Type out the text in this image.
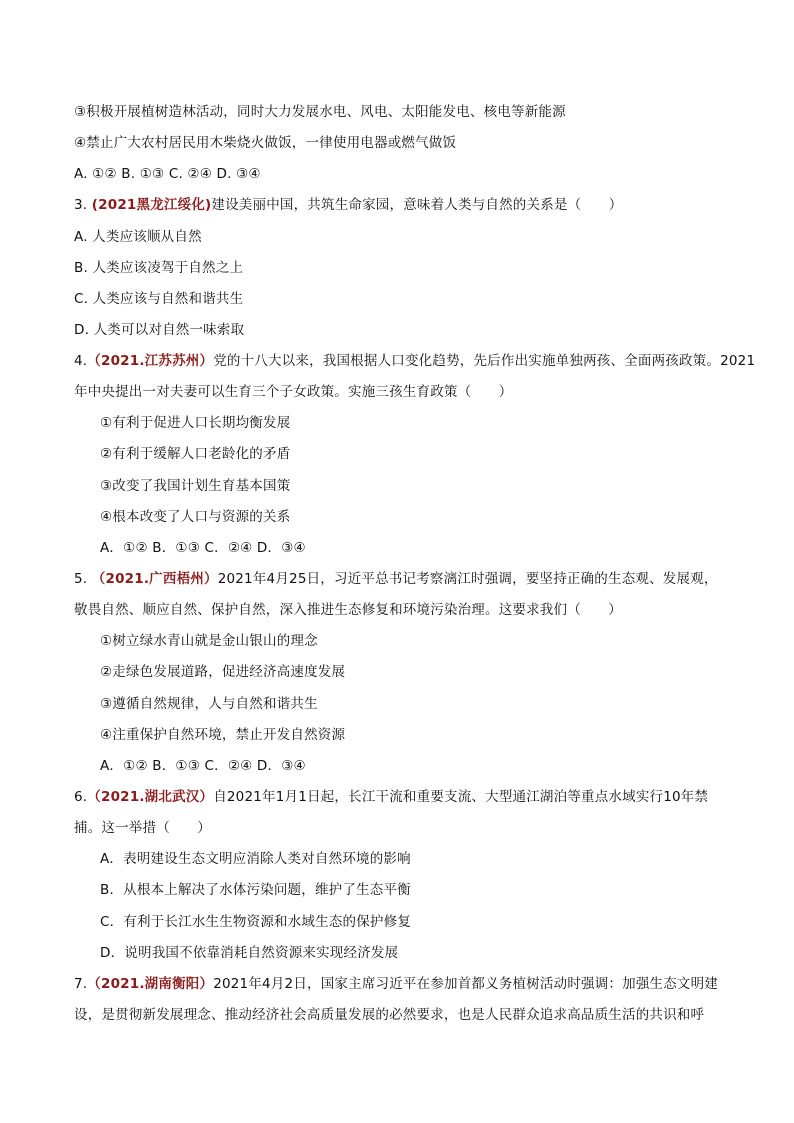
③积极开展植树造林活动，同时大力发展水电、风电、太阳能发电、核电等新能源
④禁止广大农村居民用木柴烧火做饭，一律使用电器或燃气做饭
A. ①② B. ①③ C. ②④ D. ③④
3. (2021黑龙江绥化)建设美丽中国，共筑生命家园，意味着人类与自然的关系是（　　）
A. 人类应该顺从自然
B. 人类应该凌驾于自然之上
C. 人类应该与自然和谐共生
D. 人类可以对自然一味索取
4.（2021.江苏苏州）党的十八大以来，我国根据人口变化趋势，先后作出实施单独两孩、全面两孩政策。2021
年中央提出一对夫妻可以生育三个子女政策。实施三孩生育政策（　　）
①有利于促进人口长期均衡发展
②有利于缓解人口老龄化的矛盾
③改变了我国计划生育基本国策
④根本改变了人口与资源的关系
A．①② B．①③ C．②④ D．③④
5. （2021.广西梧州）2021年4月25日，习近平总书记考察漓江时强调，要坚持正确的生态观、发展观，
敬畏自然、顺应自然、保护自然，深入推进生态修复和环境污染治理。这要求我们（　　）
①树立绿水青山就是金山银山的理念
②走绿色发展道路，促进经济高速度发展
③遵循自然规律，人与自然和谐共生
④注重保护自然环境，禁止开发自然资源
A．①② B．①③ C．②④ D．③④
6.（2021.湖北武汉）自2021年1月1日起，长江干流和重要支流、大型通江湖泊等重点水域实行10年禁
捕。这一举措（　　）
A．表明建设生态文明应消除人类对自然环境的影响
B．从根本上解决了水体污染问题，维护了生态平衡
C．有利于长江水生生物资源和水域生态的保护修复
D．说明我国不依靠消耗自然资源来实现经济发展
7.（2021.湖南衡阳）2021年4月2日，国家主席习近平在参加首都义务植树活动时强调：加强生态文明建
设，是贯彻新发展理念、推动经济社会高质量发展的必然要求，也是人民群众追求高品质生活的共识和呼
